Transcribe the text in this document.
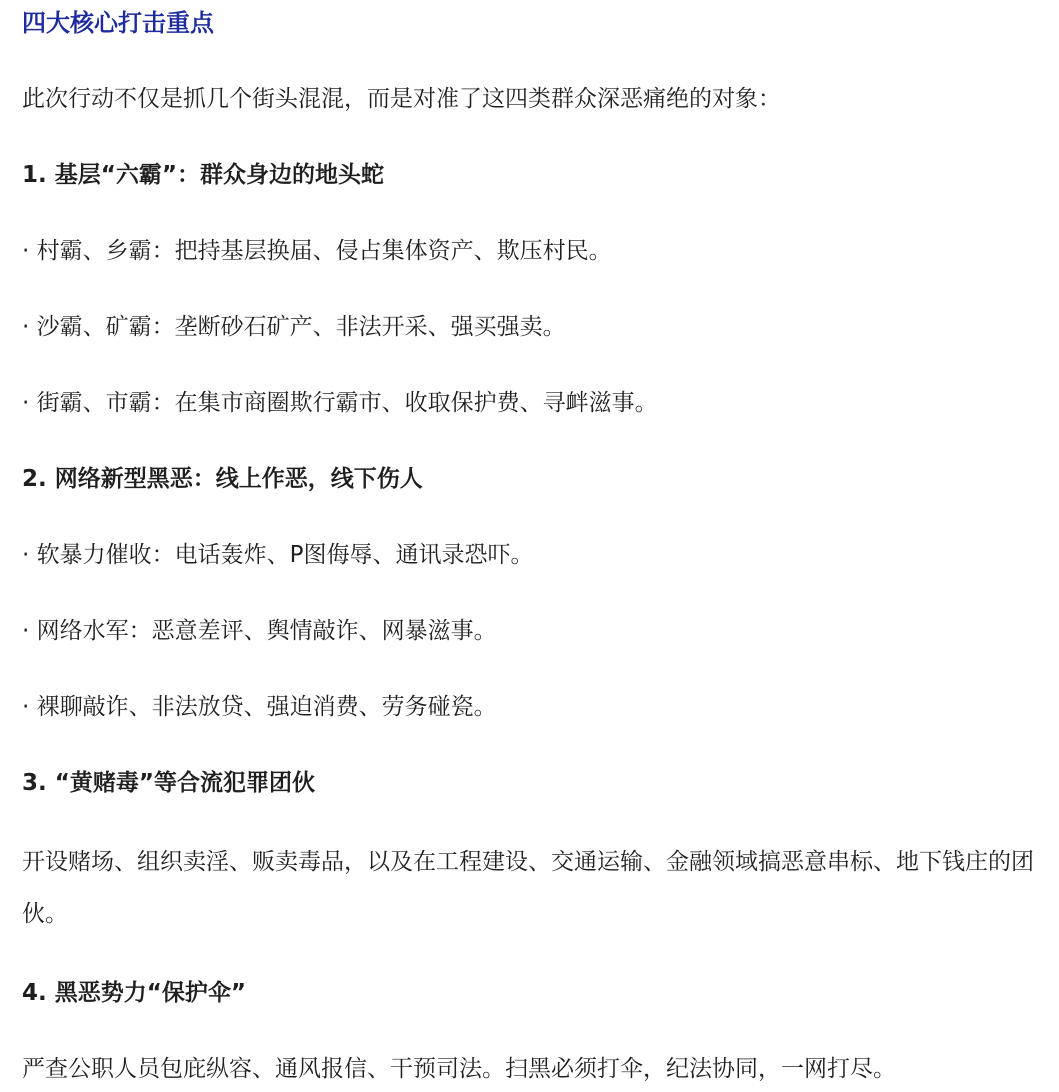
四大核心打击重点

此次行动不仅是抓几个街头混混，而是对准了这四类群众深恶痛绝的对象：

1. 基层“六霸”：群众身边的地头蛇

· 村霸、乡霸：把持基层换届、侵占集体资产、欺压村民。

· 沙霸、矿霸：垄断砂石矿产、非法开采、强买强卖。

· 街霸、市霸：在集市商圈欺行霸市、收取保护费、寻衅滋事。

2. 网络新型黑恶：线上作恶，线下伤人

· 软暴力催收：电话轰炸、P图侮辱、通讯录恐吓。

· 网络水军：恶意差评、舆情敲诈、网暴滋事。

· 裸聊敲诈、非法放贷、强迫消费、劳务碰瓷。

3. “黄赌毒”等合流犯罪团伙

开设赌场、组织卖淫、贩卖毒品，以及在工程建设、交通运输、金融领域搞恶意串标、地下钱庄的团伙。

4. 黑恶势力“保护伞”

严查公职人员包庇纵容、通风报信、干预司法。扫黑必须打伞，纪法协同，一网打尽。
